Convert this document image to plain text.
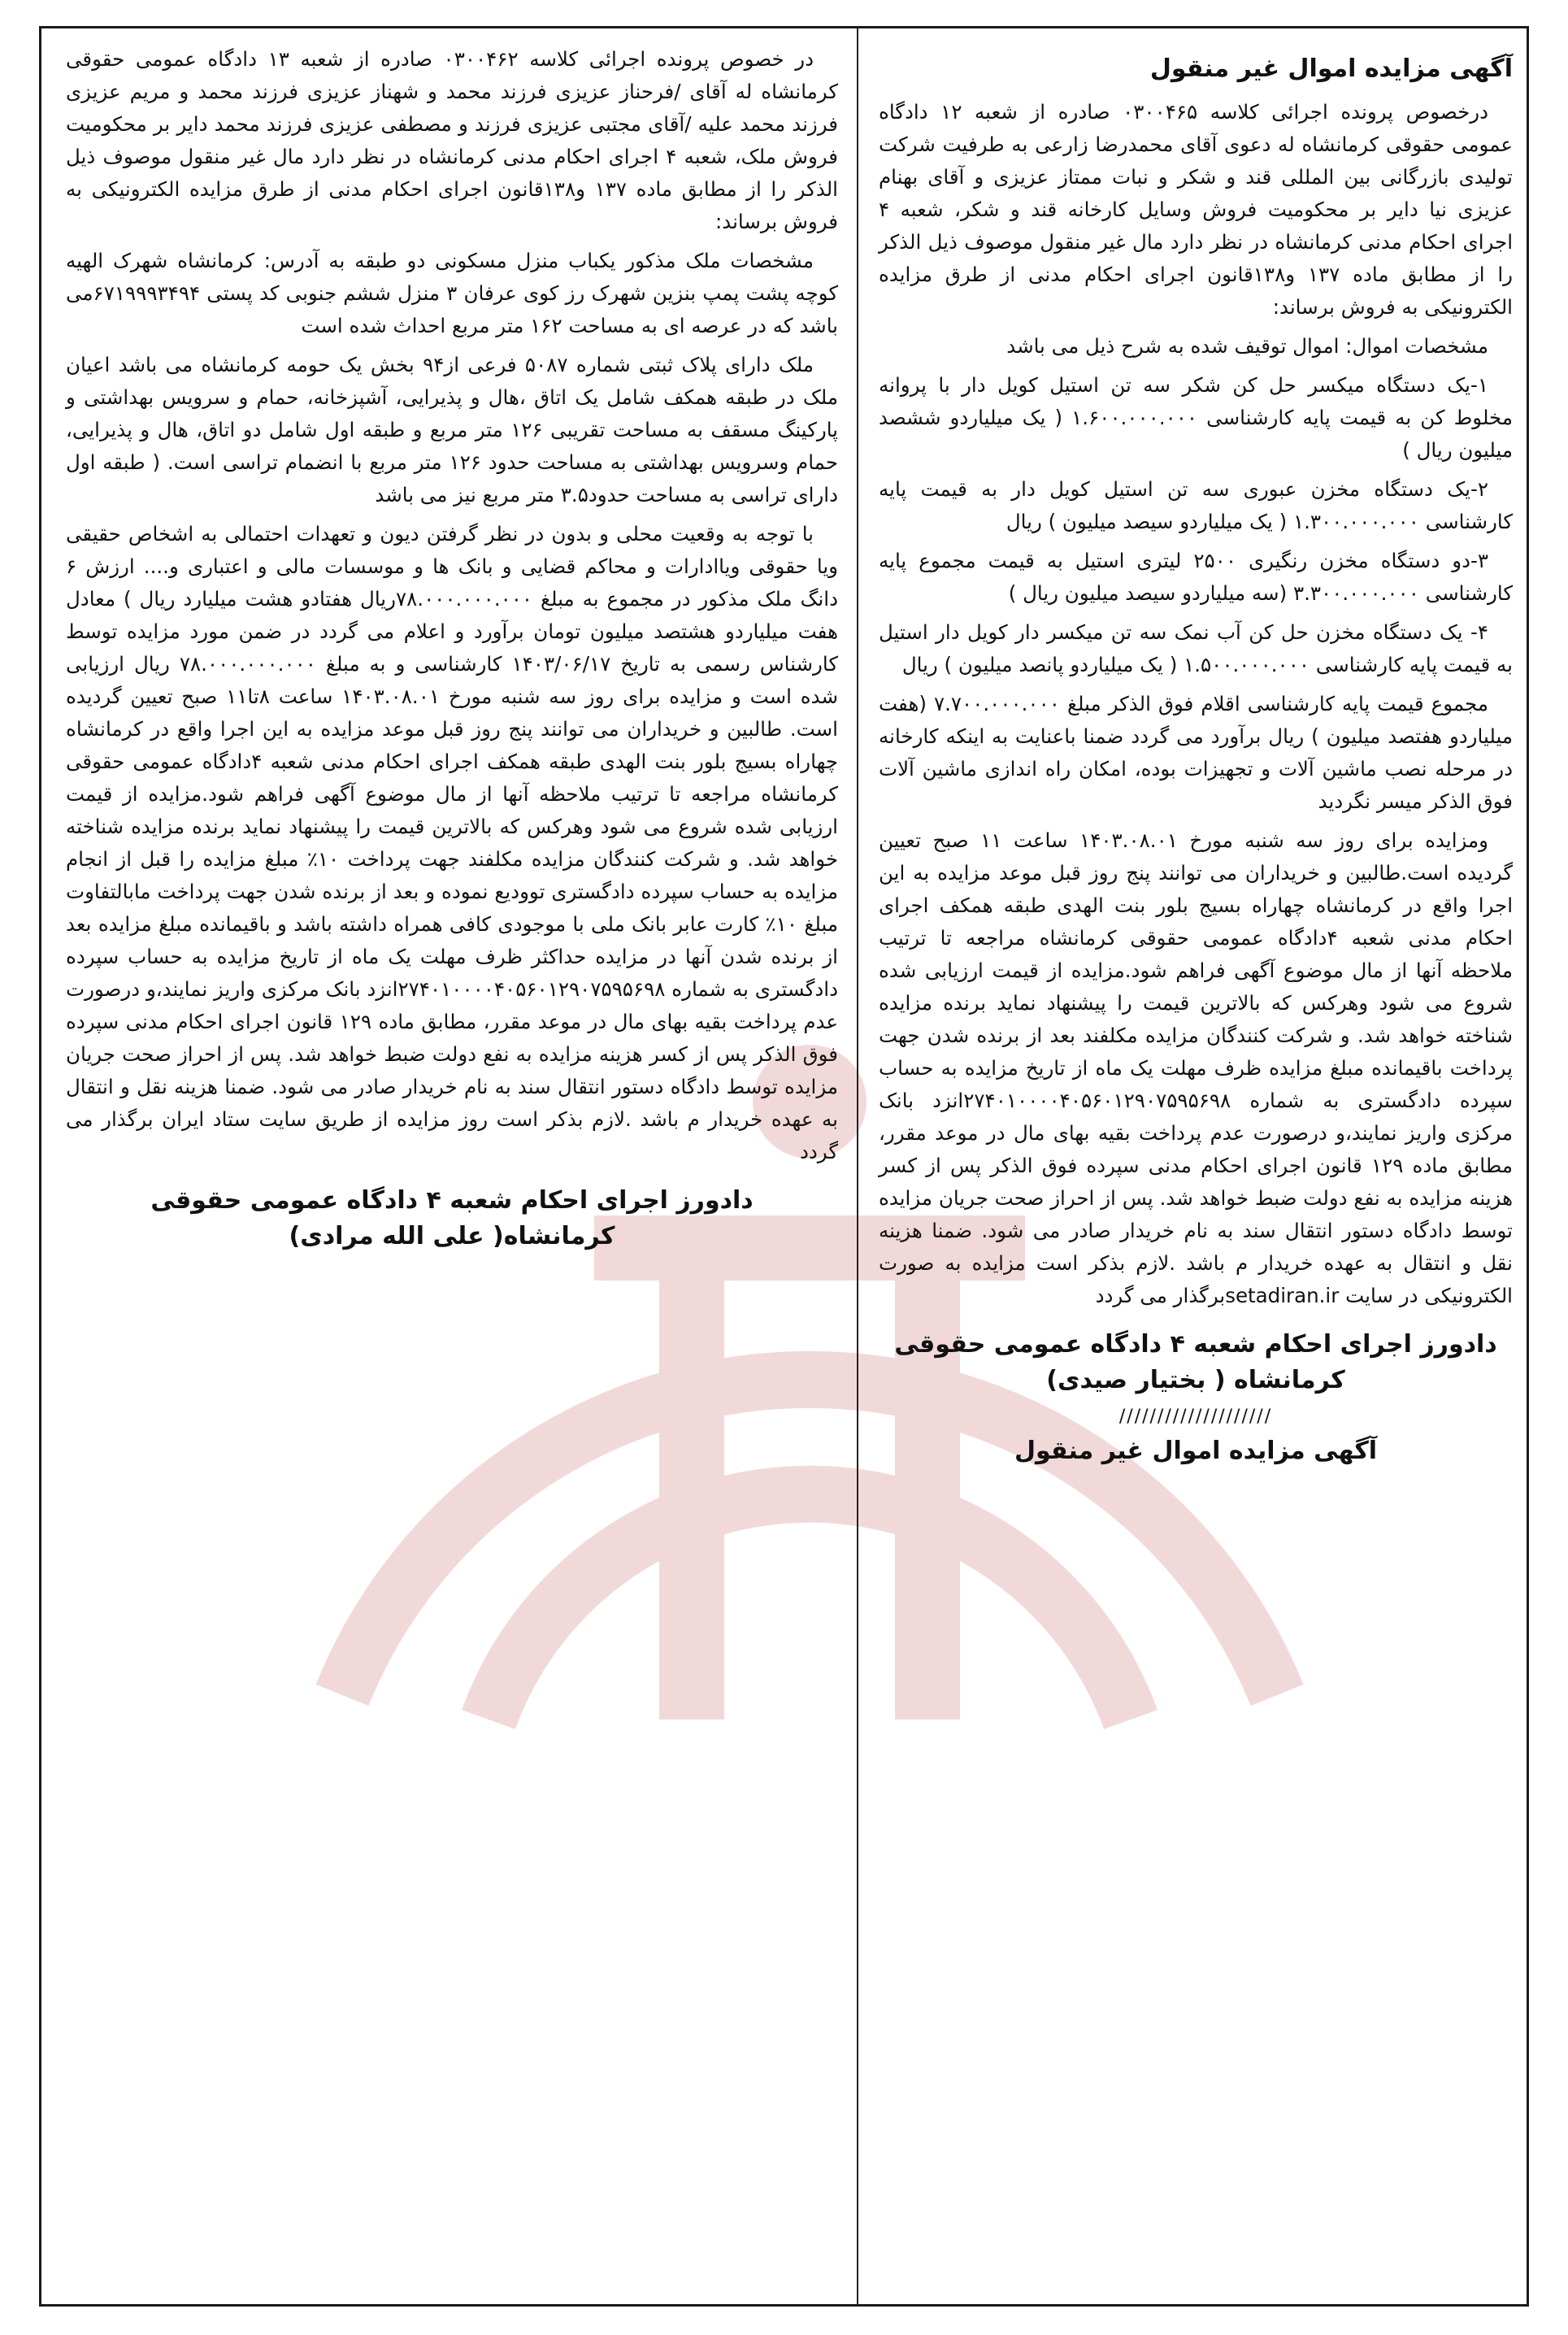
آگهی مزایده اموال غیر منقول

درخصوص پرونده اجرائی کلاسه ۰۳۰۰۴۶۵ صادره از شعبه ۱۲ دادگاه عمومی حقوقی کرمانشاه له دعوی آقای محمدرضا زارعی به طرفیت شرکت تولیدی بازرگانی بین المللی قند و شکر و نبات ممتاز عزیزی و آقای بهنام عزیزی نیا دایر بر محکومیت فروش وسایل کارخانه قند و شکر، شعبه ۴ اجرای احکام مدنی کرمانشاه در نظر دارد مال غیر منقول موصوف ذیل الذکر را از مطابق ماده ۱۳۷ و۱۳۸قانون اجرای احکام مدنی از طرق مزایده الکترونیکی به فروش برساند:

مشخصات اموال: اموال توقیف شده به شرح ذیل می باشد

۱-یک دستگاه میکسر حل کن شکر سه تن استیل کویل دار با پروانه مخلوط کن به قیمت پایه کارشناسی ۱.۶۰۰.۰۰۰.۰۰۰ ( یک میلیاردو ششصد میلیون ریال )

۲-یک دستگاه مخزن عبوری سه تن استیل کویل دار به قیمت پایه کارشناسی ۱.۳۰۰.۰۰۰.۰۰۰ ( یک میلیاردو سیصد میلیون ) ریال

۳-دو دستگاه مخزن رنگیری ۲۵۰۰ لیتری استیل به قیمت مجموع پایه کارشناسی ۳.۳۰۰.۰۰۰.۰۰۰ (سه میلیاردو سیصد میلیون ریال )

۴- یک دستگاه مخزن حل کن آب نمک سه تن میکسر دار کویل دار استیل به قیمت پایه کارشناسی ۱.۵۰۰.۰۰۰.۰۰۰ ( یک میلیاردو پانصد میلیون ) ریال

مجموع قیمت پایه کارشناسی اقلام فوق الذکر مبلغ ۷.۷۰۰.۰۰۰.۰۰۰ (هفت میلیاردو هفتصد میلیون ) ریال برآورد می گردد ضمنا باعنایت به اینکه کارخانه در مرحله نصب ماشین آلات و تجهیزات بوده، امکان راه اندازی ماشین آلات فوق الذکر میسر نگردید

ومزایده برای روز سه شنبه مورخ ۱۴۰۳.۰۸.۰۱ ساعت ۱۱ صبح تعیین گردیده است.طالبین و خریداران می توانند پنج روز قبل موعد مزایده به این اجرا واقع در کرمانشاه چهاراه بسیج بلور بنت الهدی طبقه همکف اجرای احکام مدنی شعبه ۴دادگاه عمومی حقوقی کرمانشاه مراجعه تا ترتیب ملاحظه آنها از مال موضوع آگهی فراهم شود.مزایده از قیمت ارزیابی شده شروع می شود وهرکس که بالاترین قیمت را پیشنهاد نماید برنده مزایده شناخته خواهد شد. و شرکت کنندگان مزایده مکلفند بعد از برنده شدن جهت پرداخت باقیمانده مبلغ مزایده ظرف مهلت یک ماه از تاریخ مزایده به حساب سپرده دادگستری به شماره ۲۷۴۰۱۰۰۰۰۴۰۵۶۰۱۲۹۰۷۵۹۵۶۹۸انزد بانک مرکزی واریز نمایند،و درصورت عدم پرداخت بقیه بهای مال در موعد مقرر، مطابق ماده ۱۲۹ قانون اجرای احکام مدنی سپرده فوق الذکر پس از کسر هزینه مزایده به نفع دولت ضبط خواهد شد. پس از احراز صحت جریان مزایده توسط دادگاه دستور انتقال سند به نام خریدار صادر می شود. ضمنا هزینه نقل و انتقال به عهده خریدار م باشد .لازم بذکر است مزایده به صورت الکترونیکی در سایت setadiran.irبرگذار می گردد

دادورز اجرای احکام شعبه ۴ دادگاه عمومی حقوقی
کرمانشاه ( بختیار صیدی)
////////////////////
آگهی مزایده اموال غیر منقول

در خصوص پرونده اجرائی کلاسه ۰۳۰۰۴۶۲ صادره از شعبه ۱۳ دادگاه عمومی حقوقی کرمانشاه له آقای /فرحناز عزیزی فرزند محمد و شهناز عزیزی فرزند محمد و مریم عزیزی فرزند محمد علیه /آقای مجتبی عزیزی فرزند و مصطفی عزیزی فرزند محمد دایر بر محکومیت فروش ملک، شعبه ۴ اجرای احکام مدنی کرمانشاه در نظر دارد مال غیر منقول موصوف ذیل الذکر را از مطابق ماده ۱۳۷ و۱۳۸قانون اجرای احکام مدنی از طرق مزایده الکترونیکی به فروش برساند:

مشخصات ملک مذکور یکباب منزل مسکونی دو طبقه به آدرس: کرمانشاه شهرک الهیه کوچه پشت پمپ بنزین شهرک رز کوی عرفان ۳ منزل ششم جنوبی کد پستی ۶۷۱۹۹۹۳۴۹۴می باشد که در عرصه ای به مساحت ۱۶۲ متر مربع احداث شده است

ملک دارای پلاک ثبتی شماره ۵۰۸۷ فرعی از۹۴ بخش یک حومه کرمانشاه می باشد اعیان ملک در طبقه همکف شامل یک اتاق ،هال و پذیرایی، آشپزخانه، حمام و سرویس بهداشتی و پارکینگ مسقف به مساحت تقریبی ۱۲۶ متر مربع و طبقه اول شامل دو اتاق، هال و پذیرایی، حمام وسرویس بهداشتی به مساحت حدود ۱۲۶ متر مربع با انضمام تراسی است. ( طبقه اول دارای تراسی به مساحت حدود۳.۵ متر مربع نیز می باشد

با توجه به وقعیت محلی و بدون در نظر گرفتن دیون و تعهدات احتمالی به اشخاص حقیقی ویا حقوقی ویاادارات و محاکم قضایی و بانک ها و موسسات مالی و اعتباری و.... ارزش ۶ دانگ ملک مذکور در مجموع به مبلغ ۷۸.۰۰۰.۰۰۰.۰۰۰ریال هفتادو هشت میلیارد ریال ) معادل هفت میلیاردو هشتصد میلیون تومان برآورد و اعلام می گردد در ضمن مورد مزایده توسط کارشناس رسمی به تاریخ ۱۴۰۳/۰۶/۱۷ کارشناسی و به مبلغ ۷۸.۰۰۰.۰۰۰.۰۰۰ ریال ارزیابی شده است و مزایده برای روز سه شنبه مورخ ۱۴۰۳.۰۸.۰۱ ساعت ۸تا۱۱ صبح تعیین گردیده است. طالبین و خریداران می توانند پنج روز قبل موعد مزایده به این اجرا واقع در کرمانشاه چهاراه بسیج بلور بنت الهدی طبقه همکف اجرای احکام مدنی شعبه ۴دادگاه عمومی حقوقی کرمانشاه مراجعه تا ترتیب ملاحظه آنها از مال موضوع آگهی فراهم شود.مزایده از قیمت ارزیابی شده شروع می شود وهرکس که بالاترین قیمت را پیشنهاد نماید برنده مزایده شناخته خواهد شد. و شرکت کنندگان مزایده مکلفند جهت پرداخت ۱۰٪ مبلغ مزایده را قبل از انجام مزایده به حساب سپرده دادگستری توودیع نموده و بعد از برنده شدن جهت پرداخت مابالتفاوت مبلغ ۱۰٪ کارت عابر بانک ملی با موجودی کافی همراه داشته باشد و باقیمانده مبلغ مزایده بعد از برنده شدن آنها در مزایده حداکثر ظرف مهلت یک ماه از تاریخ مزایده به حساب سپرده دادگستری به شماره ۲۷۴۰۱۰۰۰۰۴۰۵۶۰۱۲۹۰۷۵۹۵۶۹۸انزد بانک مرکزی واریز نمایند،و درصورت عدم پرداخت بقیه بهای مال در موعد مقرر، مطابق ماده ۱۲۹ قانون اجرای احکام مدنی سپرده فوق الذکر پس از کسر هزینه مزایده به نفع دولت ضبط خواهد شد. پس از احراز صحت جریان مزایده توسط دادگاه دستور انتقال سند به نام خریدار صادر می شود. ضمنا هزینه نقل و انتقال به عهده خریدار م باشد .لازم بذکر است روز مزایده از طریق سایت ستاد ایران برگذار می گردد

دادورز اجرای احکام شعبه ۴ دادگاه عمومی حقوقی
کرمانشاه( علی الله مرادی)
